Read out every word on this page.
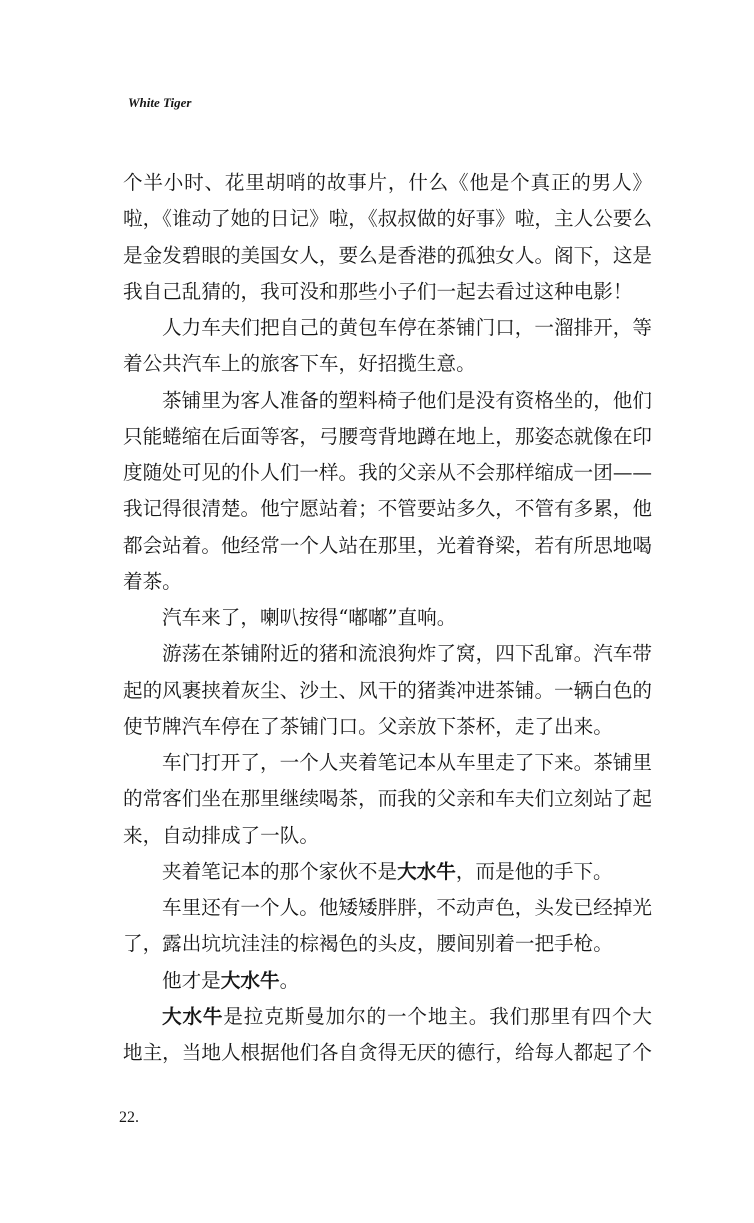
White Tiger
个半小时、花里胡哨的故事片，什么《他是个真正的男人》
啦，《谁动了她的日记》啦，《叔叔做的好事》啦，主人公要么
是金发碧眼的美国女人，要么是香港的孤独女人。阁下，这是
我自己乱猜的，我可没和那些小子们一起去看过这种电影！
人力车夫们把自己的黄包车停在茶铺门口，一溜排开，等
着公共汽车上的旅客下车，好招揽生意。
茶铺里为客人准备的塑料椅子他们是没有资格坐的，他们
只能蜷缩在后面等客，弓腰弯背地蹲在地上，那姿态就像在印
度随处可见的仆人们一样。我的父亲从不会那样缩成一团——
我记得很清楚。他宁愿站着；不管要站多久，不管有多累，他
都会站着。他经常一个人站在那里，光着脊梁，若有所思地喝
着茶。
汽车来了，喇叭按得“嘟嘟”直响。
游荡在茶铺附近的猪和流浪狗炸了窝，四下乱窜。汽车带
起的风裹挟着灰尘、沙土、风干的猪粪冲进茶铺。一辆白色的
使节牌汽车停在了茶铺门口。父亲放下茶杯，走了出来。
车门打开了，一个人夹着笔记本从车里走了下来。茶铺里
的常客们坐在那里继续喝茶，而我的父亲和车夫们立刻站了起
来，自动排成了一队。
夹着笔记本的那个家伙不是大水牛，而是他的手下。
车里还有一个人。他矮矮胖胖，不动声色，头发已经掉光
了，露出坑坑洼洼的棕褐色的头皮，腰间别着一把手枪。
他才是大水牛。
大水牛是拉克斯曼加尔的一个地主。我们那里有四个大
地主，当地人根据他们各自贪得无厌的德行，给每人都起了个
22.
